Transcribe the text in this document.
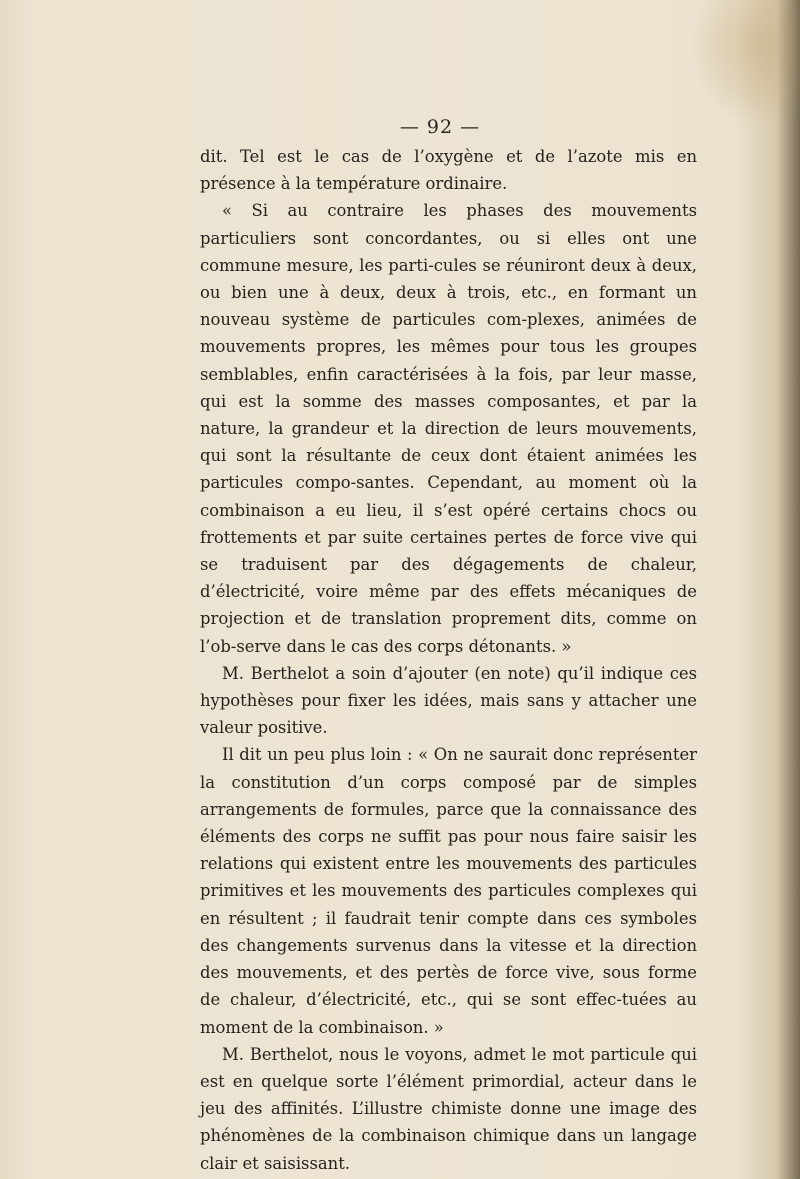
— 92 —

dit. Tel est le cas de l’oxygène et de l’azote mis en présence à la température ordinaire.

« Si au contraire les phases des mouvements particuliers sont concordantes, ou si elles ont une commune mesure, les parti-cules se réuniront deux à deux, ou bien une à deux, deux à trois, etc., en formant un nouveau système de particules com-plexes, animées de mouvements propres, les mêmes pour tous les groupes semblables, enfin caractérisées à la fois, par leur masse, qui est la somme des masses composantes, et par la nature, la grandeur et la direction de leurs mouvements, qui sont la résultante de ceux dont étaient animées les particules compo-santes. Cependant, au moment où la combinaison a eu lieu, il s’est opéré certains chocs ou frottements et par suite certaines pertes de force vive qui se traduisent par des dégagements de chaleur, d’électricité, voire même par des effets mécaniques de projection et de translation proprement dits, comme on l’ob-serve dans le cas des corps détonants. »

M. Berthelot a soin d’ajouter (en note) qu’il indique ces hypothèses pour fixer les idées, mais sans y attacher une valeur positive.

Il dit un peu plus loin : « On ne saurait donc représenter la constitution d’un corps composé par de simples arrangements de formules, parce que la connaissance des éléments des corps ne suffit pas pour nous faire saisir les relations qui existent entre les mouvements des particules primitives et les mouvements des particules complexes qui en résultent ; il faudrait tenir compte dans ces symboles des changements survenus dans la vitesse et la direction des mouvements, et des pertès de force vive, sous forme de chaleur, d’électricité, etc., qui se sont effec-tuées au moment de la combinaison. »

M. Berthelot, nous le voyons, admet le mot particule qui est en quelque sorte l’élément primordial, acteur dans le jeu des affinités. L’illustre chimiste donne une image des phénomènes de la combinaison chimique dans un langage clair et saisissant.
